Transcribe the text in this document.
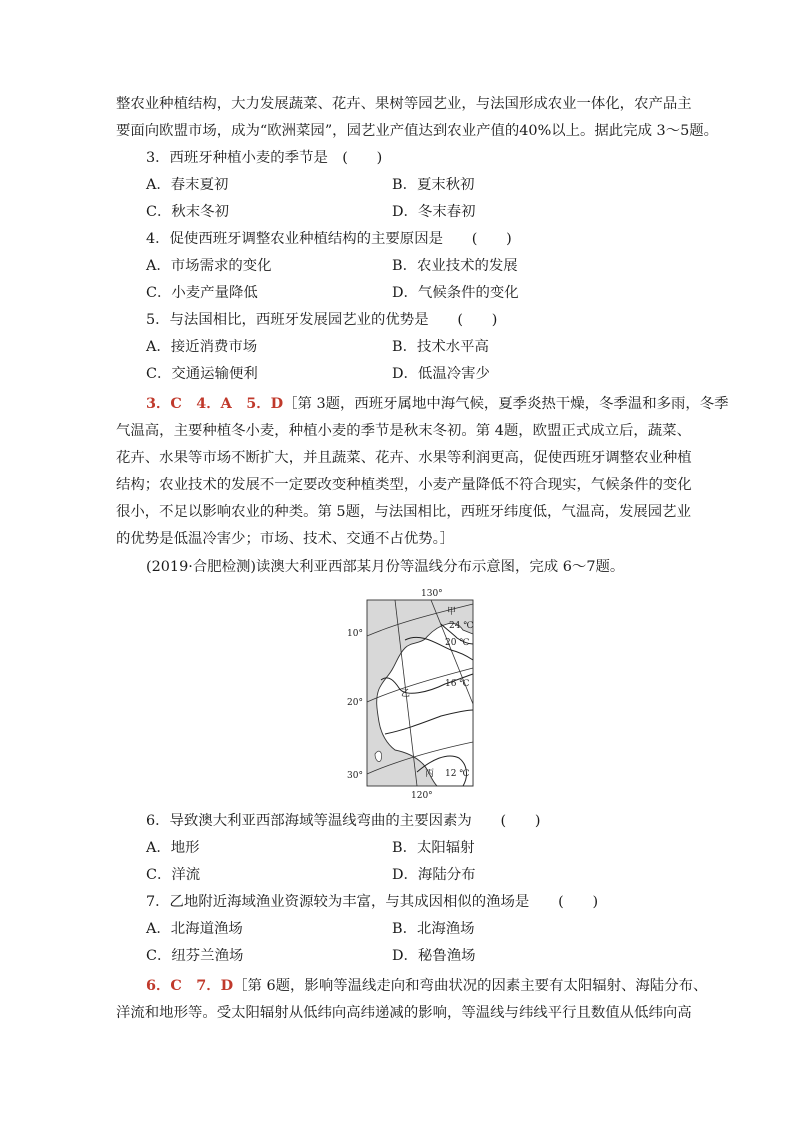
整农业种植结构，大力发展蔬菜、花卉、果树等园艺业，与法国形成农业一体化，农产品主
要面向欧盟市场，成为“欧洲菜园”，园艺业产值达到农业产值的40%以上。据此完成 3～5题。
3．西班牙种植小麦的季节是　(　　)
A．春末夏初	B．夏末秋初
C．秋末冬初	D．冬末春初
4．促使西班牙调整农业种植结构的主要原因是　　(　　)
A．市场需求的变化	B．农业技术的发展
C．小麦产量降低	D．气候条件的变化
5．与法国相比，西班牙发展园艺业的优势是　　(　　)
A．接近消费市场	B．技术水平高
C．交通运输便利	D．低温冷害少
3．C　4．A　5．D［第 3题，西班牙属地中海气候，夏季炎热干燥，冬季温和多雨，冬季
气温高，主要种植冬小麦，种植小麦的季节是秋末冬初。第 4题，欧盟正式成立后，蔬菜、
花卉、水果等市场不断扩大，并且蔬菜、花卉、水果等利润更高，促使西班牙调整农业种植
结构；农业技术的发展不一定要改变种植类型，小麦产量降低不符合现实，气候条件的变化
很小，不足以影响农业的种类。第 5题，与法国相比，西班牙纬度低，气温高，发展园艺业
的优势是低温冷害少；市场、技术、交通不占优势。］
(2019·合肥检测)读澳大利亚西部某月份等温线分布示意图，完成 6～7题。
130°
120°
10°
20°
30°
甲
乙
丙
24 ℃
20 ℃
16 ℃
12 ℃
6．导致澳大利亚西部海域等温线弯曲的主要因素为　　(　　)
A．地形	B．太阳辐射
C．洋流	D．海陆分布
7．乙地附近海域渔业资源较为丰富，与其成因相似的渔场是　　(　　)
A．北海道渔场	B．北海渔场
C．纽芬兰渔场	D．秘鲁渔场
6．C　7．D［第 6题，影响等温线走向和弯曲状况的因素主要有太阳辐射、海陆分布、
洋流和地形等。受太阳辐射从低纬向高纬递减的影响，等温线与纬线平行且数值从低纬向高
